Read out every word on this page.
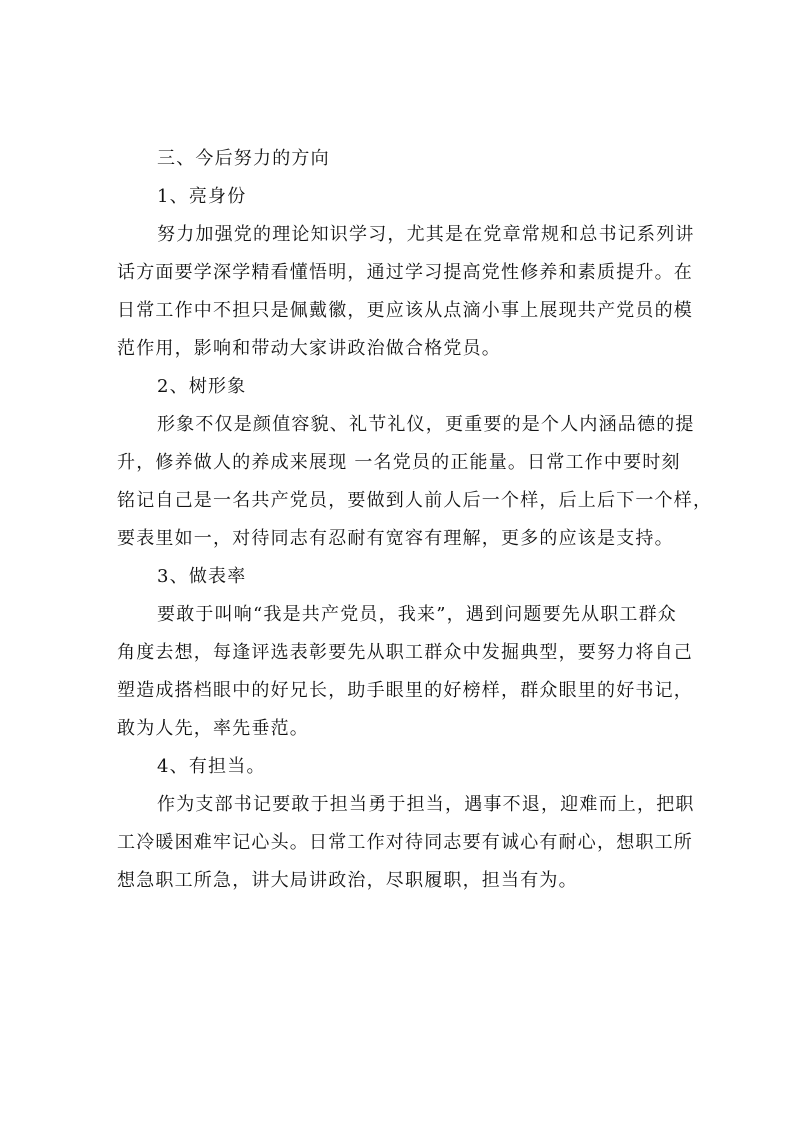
三、今后努力的方向
1、亮身份
努力加强党的理论知识学习，尤其是在党章常规和总书记系列讲
话方面要学深学精看懂悟明，通过学习提高党性修养和素质提升。在
日常工作中不担只是佩戴徽，更应该从点滴小事上展现共产党员的模
范作用，影响和带动大家讲政治做合格党员。
2、树形象
形象不仅是颜值容貌、礼节礼仪，更重要的是个人内涵品德的提
升，修养做人的养成来展现 一名党员的正能量。日常工作中要时刻
铭记自己是一名共产党员，要做到人前人后一个样，后上后下一个样，
要表里如一，对待同志有忍耐有宽容有理解，更多的应该是支持。
3、做表率
要敢于叫响“我是共产党员，我来”，遇到问题要先从职工群众
角度去想，每逢评选表彰要先从职工群众中发掘典型，要努力将自己
塑造成搭档眼中的好兄长，助手眼里的好榜样，群众眼里的好书记，
敢为人先，率先垂范。
4、有担当。
作为支部书记要敢于担当勇于担当，遇事不退，迎难而上，把职
工冷暖困难牢记心头。日常工作对待同志要有诚心有耐心，想职工所
想急职工所急，讲大局讲政治，尽职履职，担当有为。
